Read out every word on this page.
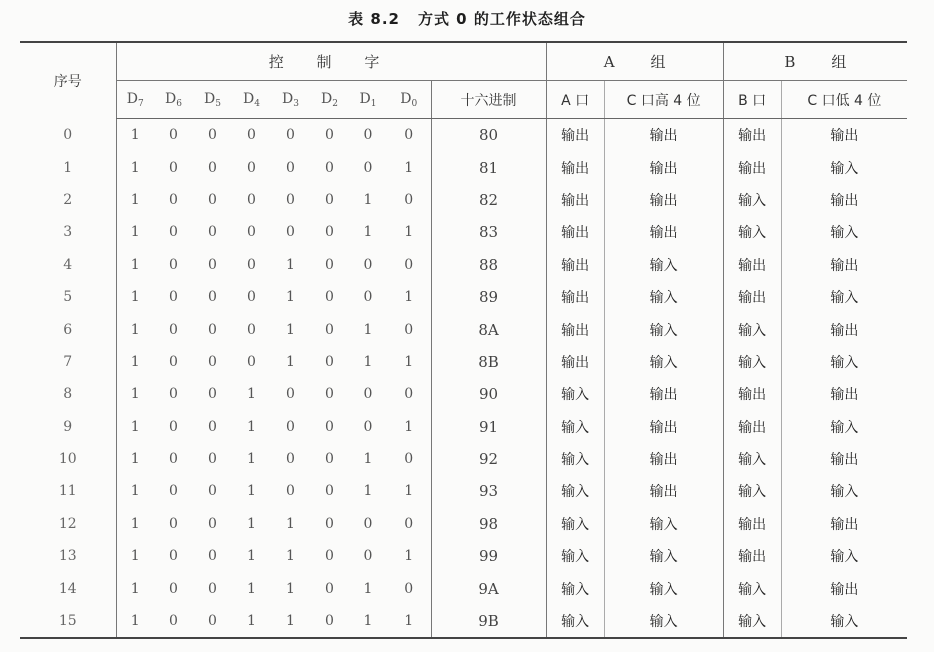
表 8.2 方式 0 的工作状态组合
序号	控 制 字									A 组		B 组	
	$D_7$	$D_6$	$D_5$	$D_4$	$D_3$	$D_2$	$D_1$	$D_0$	十六进制	A 口	C 口高 4 位	B 口	C 口低 4 位
0	1	0	0	0	0	0	0	0	80	输出	输出	输出	输出
1	1	0	0	0	0	0	0	1	81	输出	输出	输出	输入
2	1	0	0	0	0	0	1	0	82	输出	输出	输入	输出
3	1	0	0	0	0	0	1	1	83	输出	输出	输入	输入
4	1	0	0	0	1	0	0	0	88	输出	输入	输出	输出
5	1	0	0	0	1	0	0	1	89	输出	输入	输出	输入
6	1	0	0	0	1	0	1	0	8A	输出	输入	输入	输出
7	1	0	0	0	1	0	1	1	8B	输出	输入	输入	输入
8	1	0	0	1	0	0	0	0	90	输入	输出	输出	输出
9	1	0	0	1	0	0	0	1	91	输入	输出	输出	输入
10	1	0	0	1	0	0	1	0	92	输入	输出	输入	输出
11	1	0	0	1	0	0	1	1	93	输入	输出	输入	输入
12	1	0	0	1	1	0	0	0	98	输入	输入	输出	输出
13	1	0	0	1	1	0	0	1	99	输入	输入	输出	输入
14	1	0	0	1	1	0	1	0	9A	输入	输入	输入	输出
15	1	0	0	1	1	0	1	1	9B	输入	输入	输入	输入
